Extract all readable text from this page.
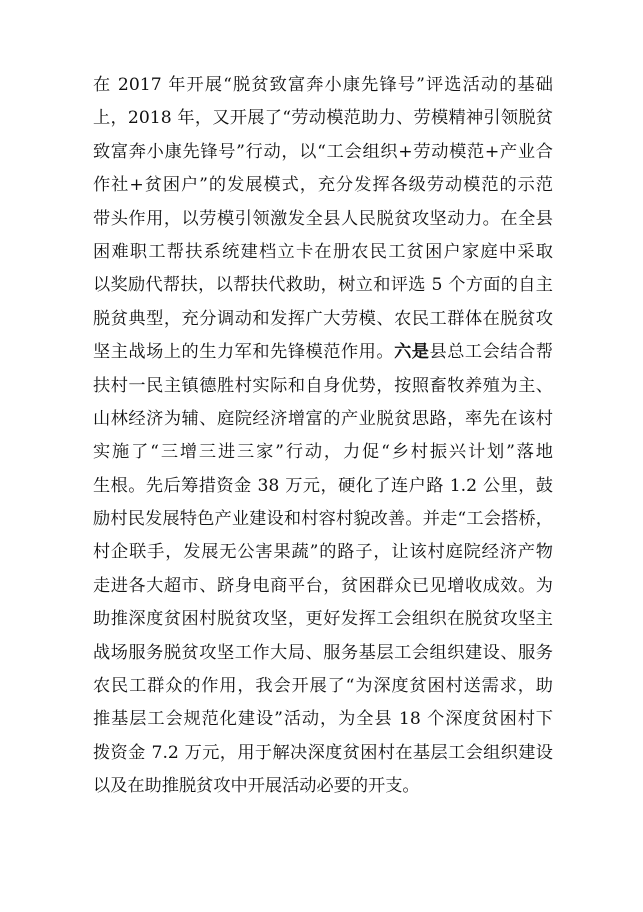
在 2017 年开展“脱贫致富奔小康先锋号”评选活动的基础
上，2018 年，又开展了“劳动模范助力、劳模精神引领脱贫
致富奔小康先锋号”行动，以“工会组织+劳动模范+产业合
作社+贫困户”的发展模式，充分发挥各级劳动模范的示范
带头作用，以劳模引领激发全县人民脱贫攻坚动力。在全县
困难职工帮扶系统建档立卡在册农民工贫困户家庭中采取
以奖励代帮扶，以帮扶代救助，树立和评选 5 个方面的自主
脱贫典型，充分调动和发挥广大劳模、农民工群体在脱贫攻
坚主战场上的生力军和先锋模范作用。六是县总工会结合帮
扶村一民主镇德胜村实际和自身优势，按照畜牧养殖为主、
山林经济为辅、庭院经济增富的产业脱贫思路，率先在该村
实施了“三增三进三家”行动，力促“乡村振兴计划”落地
生根。先后筹措资金 38 万元，硬化了连户路 1.2 公里，鼓
励村民发展特色产业建设和村容村貌改善。并走“工会搭桥，
村企联手，发展无公害果蔬”的路子，让该村庭院经济产物
走进各大超市、跻身电商平台，贫困群众已见增收成效。为
助推深度贫困村脱贫攻坚，更好发挥工会组织在脱贫攻坚主
战场服务脱贫攻坚工作大局、服务基层工会组织建设、服务
农民工群众的作用，我会开展了“为深度贫困村送需求，助
推基层工会规范化建设”活动，为全县 18 个深度贫困村下
拨资金 7.2 万元，用于解决深度贫困村在基层工会组织建设
以及在助推脱贫攻中开展活动必要的开支。
